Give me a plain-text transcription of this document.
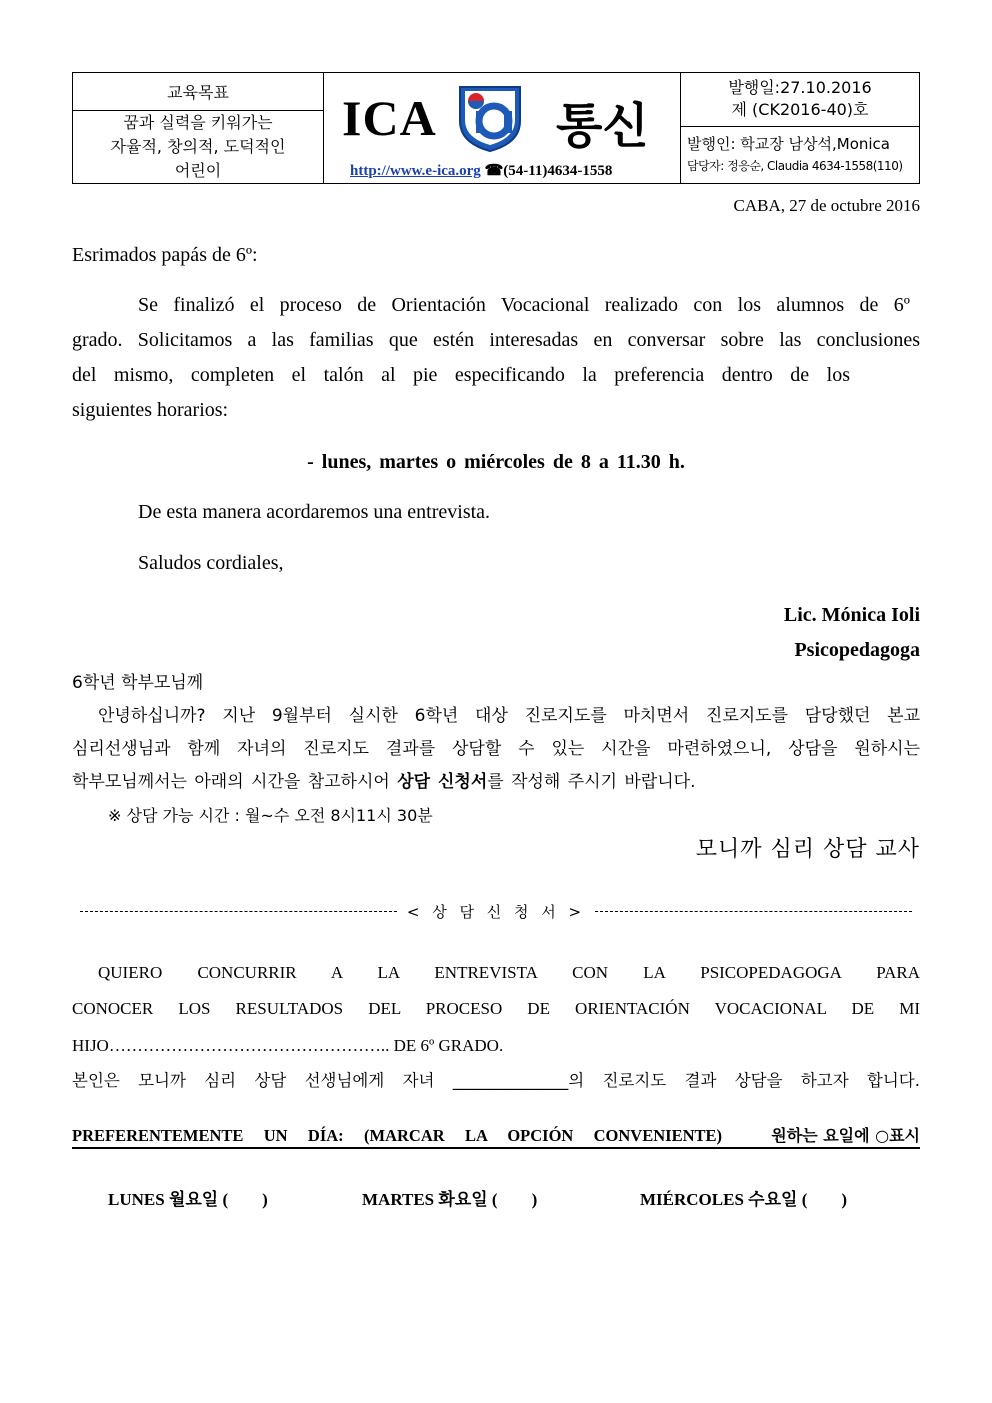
교육목표
꿈과 실력을 키워가는
자율적, 창의적, 도덕적인
어린이
ICA 통신
http://www.e-ica.org ☎(54-11)4634-1558
발행일:27.10.2016
제 (CK2016-40)호
발행인: 학교장 남상석,Monica
담당자: 정응순, Claudia 4634-1558(110)
CABA, 27 de octubre 2016
Esrimados papás de 6º:
Se finalizó el proceso de Orientación Vocacional realizado con los alumnos de 6º
grado. Solicitamos a las familias que estén interesadas en conversar sobre las conclusiones
del mismo, completen el talón al pie especificando la preferencia dentro de los
siguientes horarios:
- lunes, martes o miércoles de 8 a 11.30 h.
De esta manera acordaremos una entrevista.
Saludos cordiales,
Lic. Mónica Ioli
Psicopedagoga
6학년 학부모님께
안녕하십니까? 지난 9월부터 실시한 6학년 대상 진로지도를 마치면서 진로지도를 담당했던 본교
심리선생님과 함께 자녀의 진로지도 결과를 상담할 수 있는 시간을 마련하였으니, 상담을 원하시는
학부모님께서는 아래의 시간을 참고하시어 상담 신청서를 작성해 주시기 바랍니다.
※ 상담 가능 시간 : 월~수 오전 8시11시 30분
모니까 심리 상담 교사
< 상 담 신 청 서 >
QUIERO CONCURRIR A LA ENTREVISTA CON LA PSICOPEDAGOGA PARA
CONOCER LOS RESULTADOS DEL PROCESO DE ORIENTACIÓN VOCACIONAL DE MI
HIJO………………………………………….. DE 6º GRADO.
본인은 모니까 심리 상담 선생님에게 자녀 ______________의 진로지도 결과 상담을 하고자 합니다.
PREFERENTEMENTE UN DÍA: (MARCAR LA OPCIÓN CONVENIENTE)	원하는 요일에 ○표시
LUNES 월요일 (        )	MARTES 화요일 (        )	MIÉRCOLES 수요일 (        )
